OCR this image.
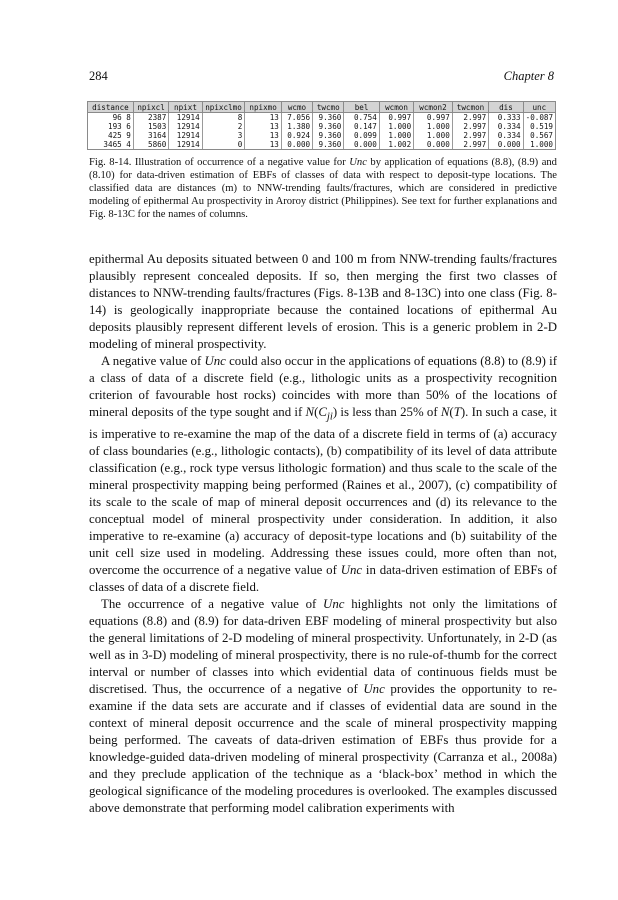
284	Chapter 8
distance	npixcl	npixt	npixclmo	npixmo	wcmo	twcmo	bel	wcmon	wcmon2	twcmon	dis	unc
96 8	2387	12914	8	13	7.056	9.360	0.754	0.997	0.997	2.997	0.333	-0.087
193 6	1503	12914	2	13	1.380	9.360	0.147	1.000	1.000	2.997	0.334	0.519
425 9	3164	12914	3	13	0.924	9.360	0.099	1.000	1.000	2.997	0.334	0.567
3465 4	5860	12914	0	13	0.000	9.360	0.000	1.002	0.000	2.997	0.000	1.000

Fig. 8-14. Illustration of occurrence of a negative value for Unc by application of equations (8.8), (8.9) and (8.10) for data-driven estimation of EBFs of classes of data with respect to deposit-type locations. The classified data are distances (m) to NNW-trending faults/fractures, which are considered in predictive modeling of epithermal Au prospectivity in Aroroy district (Philippines). See text for further explanations and Fig. 8-13C for the names of columns.

epithermal Au deposits situated between 0 and 100 m from NNW-trending faults/fractures plausibly represent concealed deposits. If so, then merging the first two classes of distances to NNW-trending faults/fractures (Figs. 8-13B and 8-13C) into one class (Fig. 8-14) is geologically inappropriate because the contained locations of epithermal Au deposits plausibly represent different levels of erosion. This is a generic problem in 2-D modeling of mineral prospectivity.

A negative value of Unc could also occur in the applications of equations (8.8) to (8.9) if a class of data of a discrete field (e.g., lithologic units as a prospectivity recognition criterion of favourable host rocks) coincides with more than 50% of the locations of mineral deposits of the type sought and if $N(C_{ji})$ is less than 25% of N(T). In such a case, it is imperative to re-examine the map of the data of a discrete field in terms of (a) accuracy of class boundaries (e.g., lithologic contacts), (b) compatibility of its level of data attribute classification (e.g., rock type versus lithologic formation) and thus scale to the scale of the mineral prospectivity mapping being performed (Raines et al., 2007), (c) compatibility of its scale to the scale of map of mineral deposit occurrences and (d) its relevance to the conceptual model of mineral prospectivity under consideration. In addition, it also imperative to re-examine (a) accuracy of deposit-type locations and (b) suitability of the unit cell size used in modeling. Addressing these issues could, more often than not, overcome the occurrence of a negative value of Unc in data-driven estimation of EBFs of classes of data of a discrete field.

The occurrence of a negative value of Unc highlights not only the limitations of equations (8.8) and (8.9) for data-driven EBF modeling of mineral prospectivity but also the general limitations of 2-D modeling of mineral prospectivity. Unfortunately, in 2-D (as well as in 3-D) modeling of mineral prospectivity, there is no rule-of-thumb for the correct interval or number of classes into which evidential data of continuous fields must be discretised. Thus, the occurrence of a negative of Unc provides the opportunity to re-examine if the data sets are accurate and if classes of evidential data are sound in the context of mineral deposit occurrence and the scale of mineral prospectivity mapping being performed. The caveats of data-driven estimation of EBFs thus provide for a knowledge-guided data-driven modeling of mineral prospectivity (Carranza et al., 2008a) and they preclude application of the technique as a ‘black-box’ method in which the geological significance of the modeling procedures is overlooked. The examples discussed above demonstrate that performing model calibration experiments with
